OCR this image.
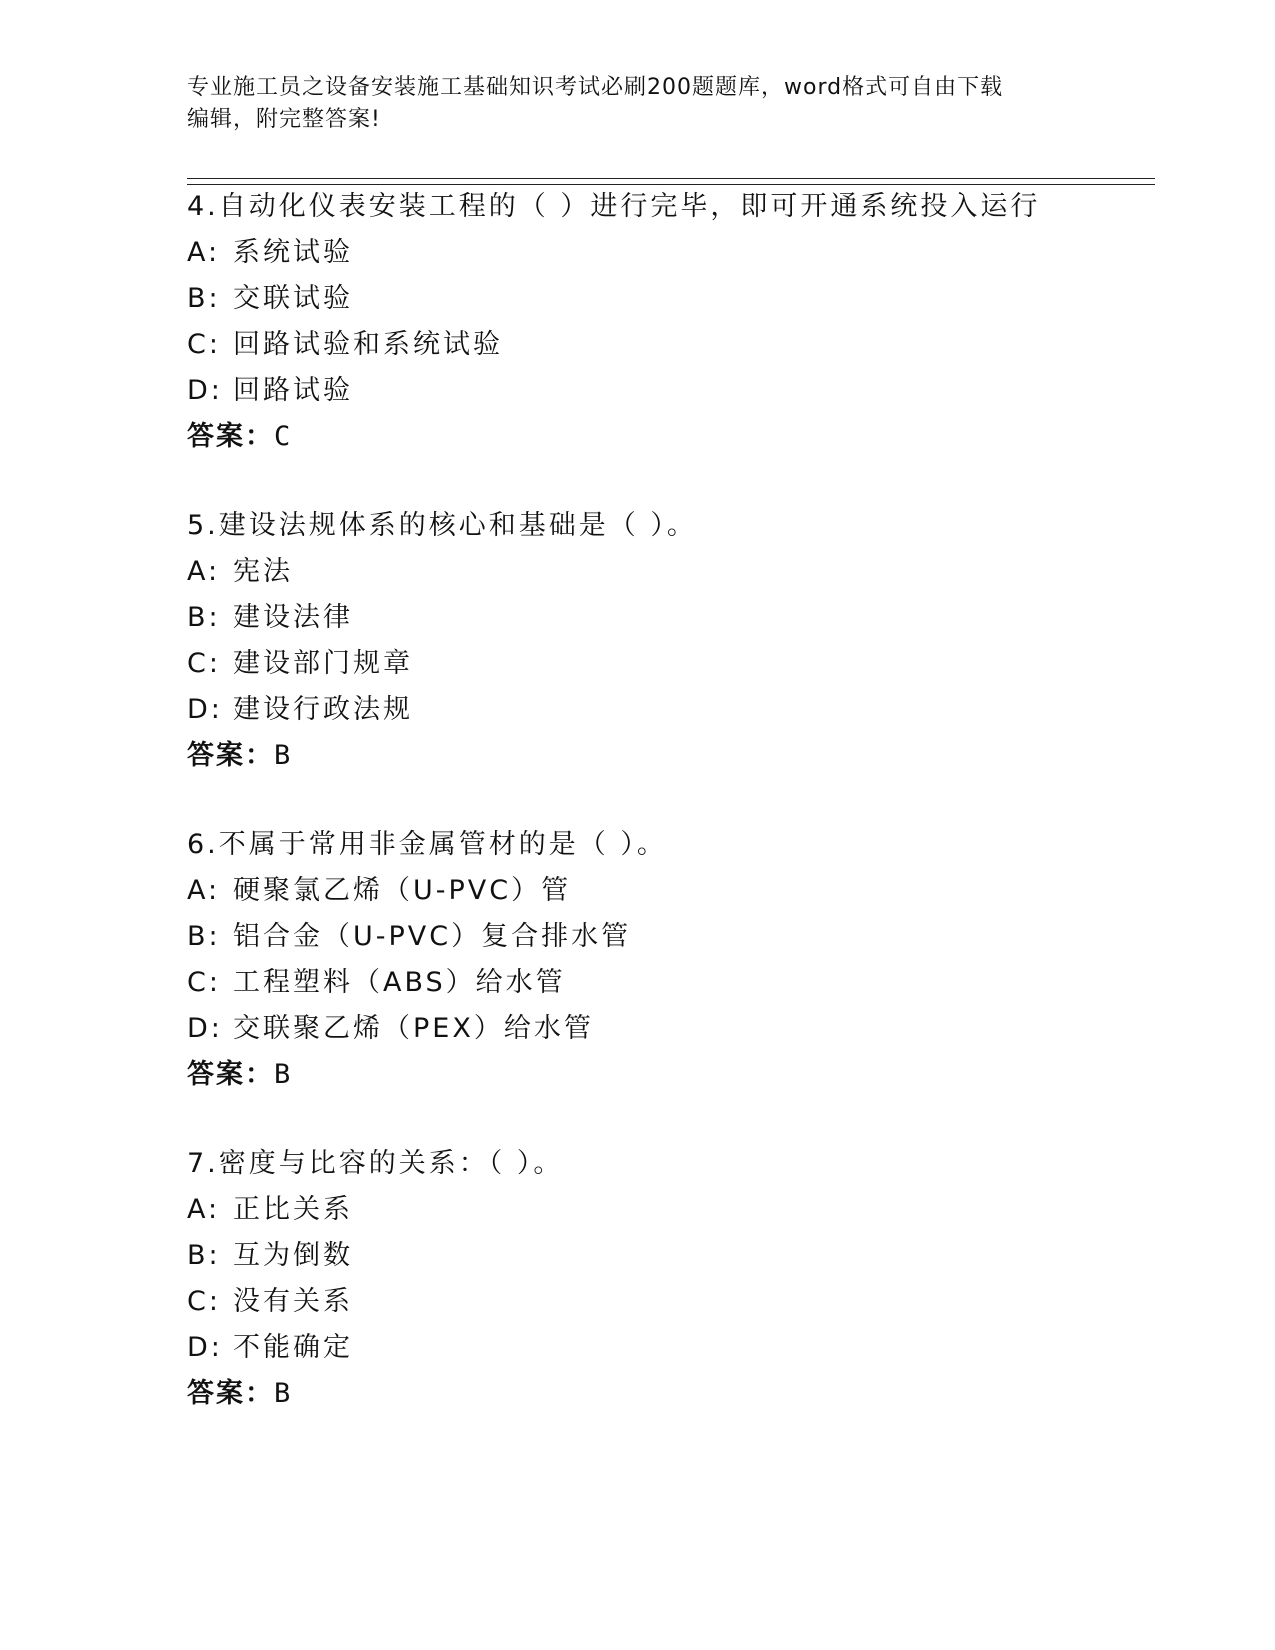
专业施工员之设备安装施工基础知识考试必刷200题题库，word格式可自由下载
编辑，附完整答案!
4.自动化仪表安装工程的（ ）进行完毕，即可开通系统投入运行
A: 系统试验
B: 交联试验
C: 回路试验和系统试验
D: 回路试验
答案：C
5.建设法规体系的核心和基础是（ ）。
A: 宪法
B: 建设法律
C: 建设部门规章
D: 建设行政法规
答案：B
6.不属于常用非金属管材的是（ ）。
A: 硬聚氯乙烯（U-PVC）管
B: 铝合金（U-PVC）复合排水管
C: 工程塑料（ABS）给水管
D: 交联聚乙烯（PEX）给水管
答案：B
7.密度与比容的关系：（ ）。
A: 正比关系
B: 互为倒数
C: 没有关系
D: 不能确定
答案：B
